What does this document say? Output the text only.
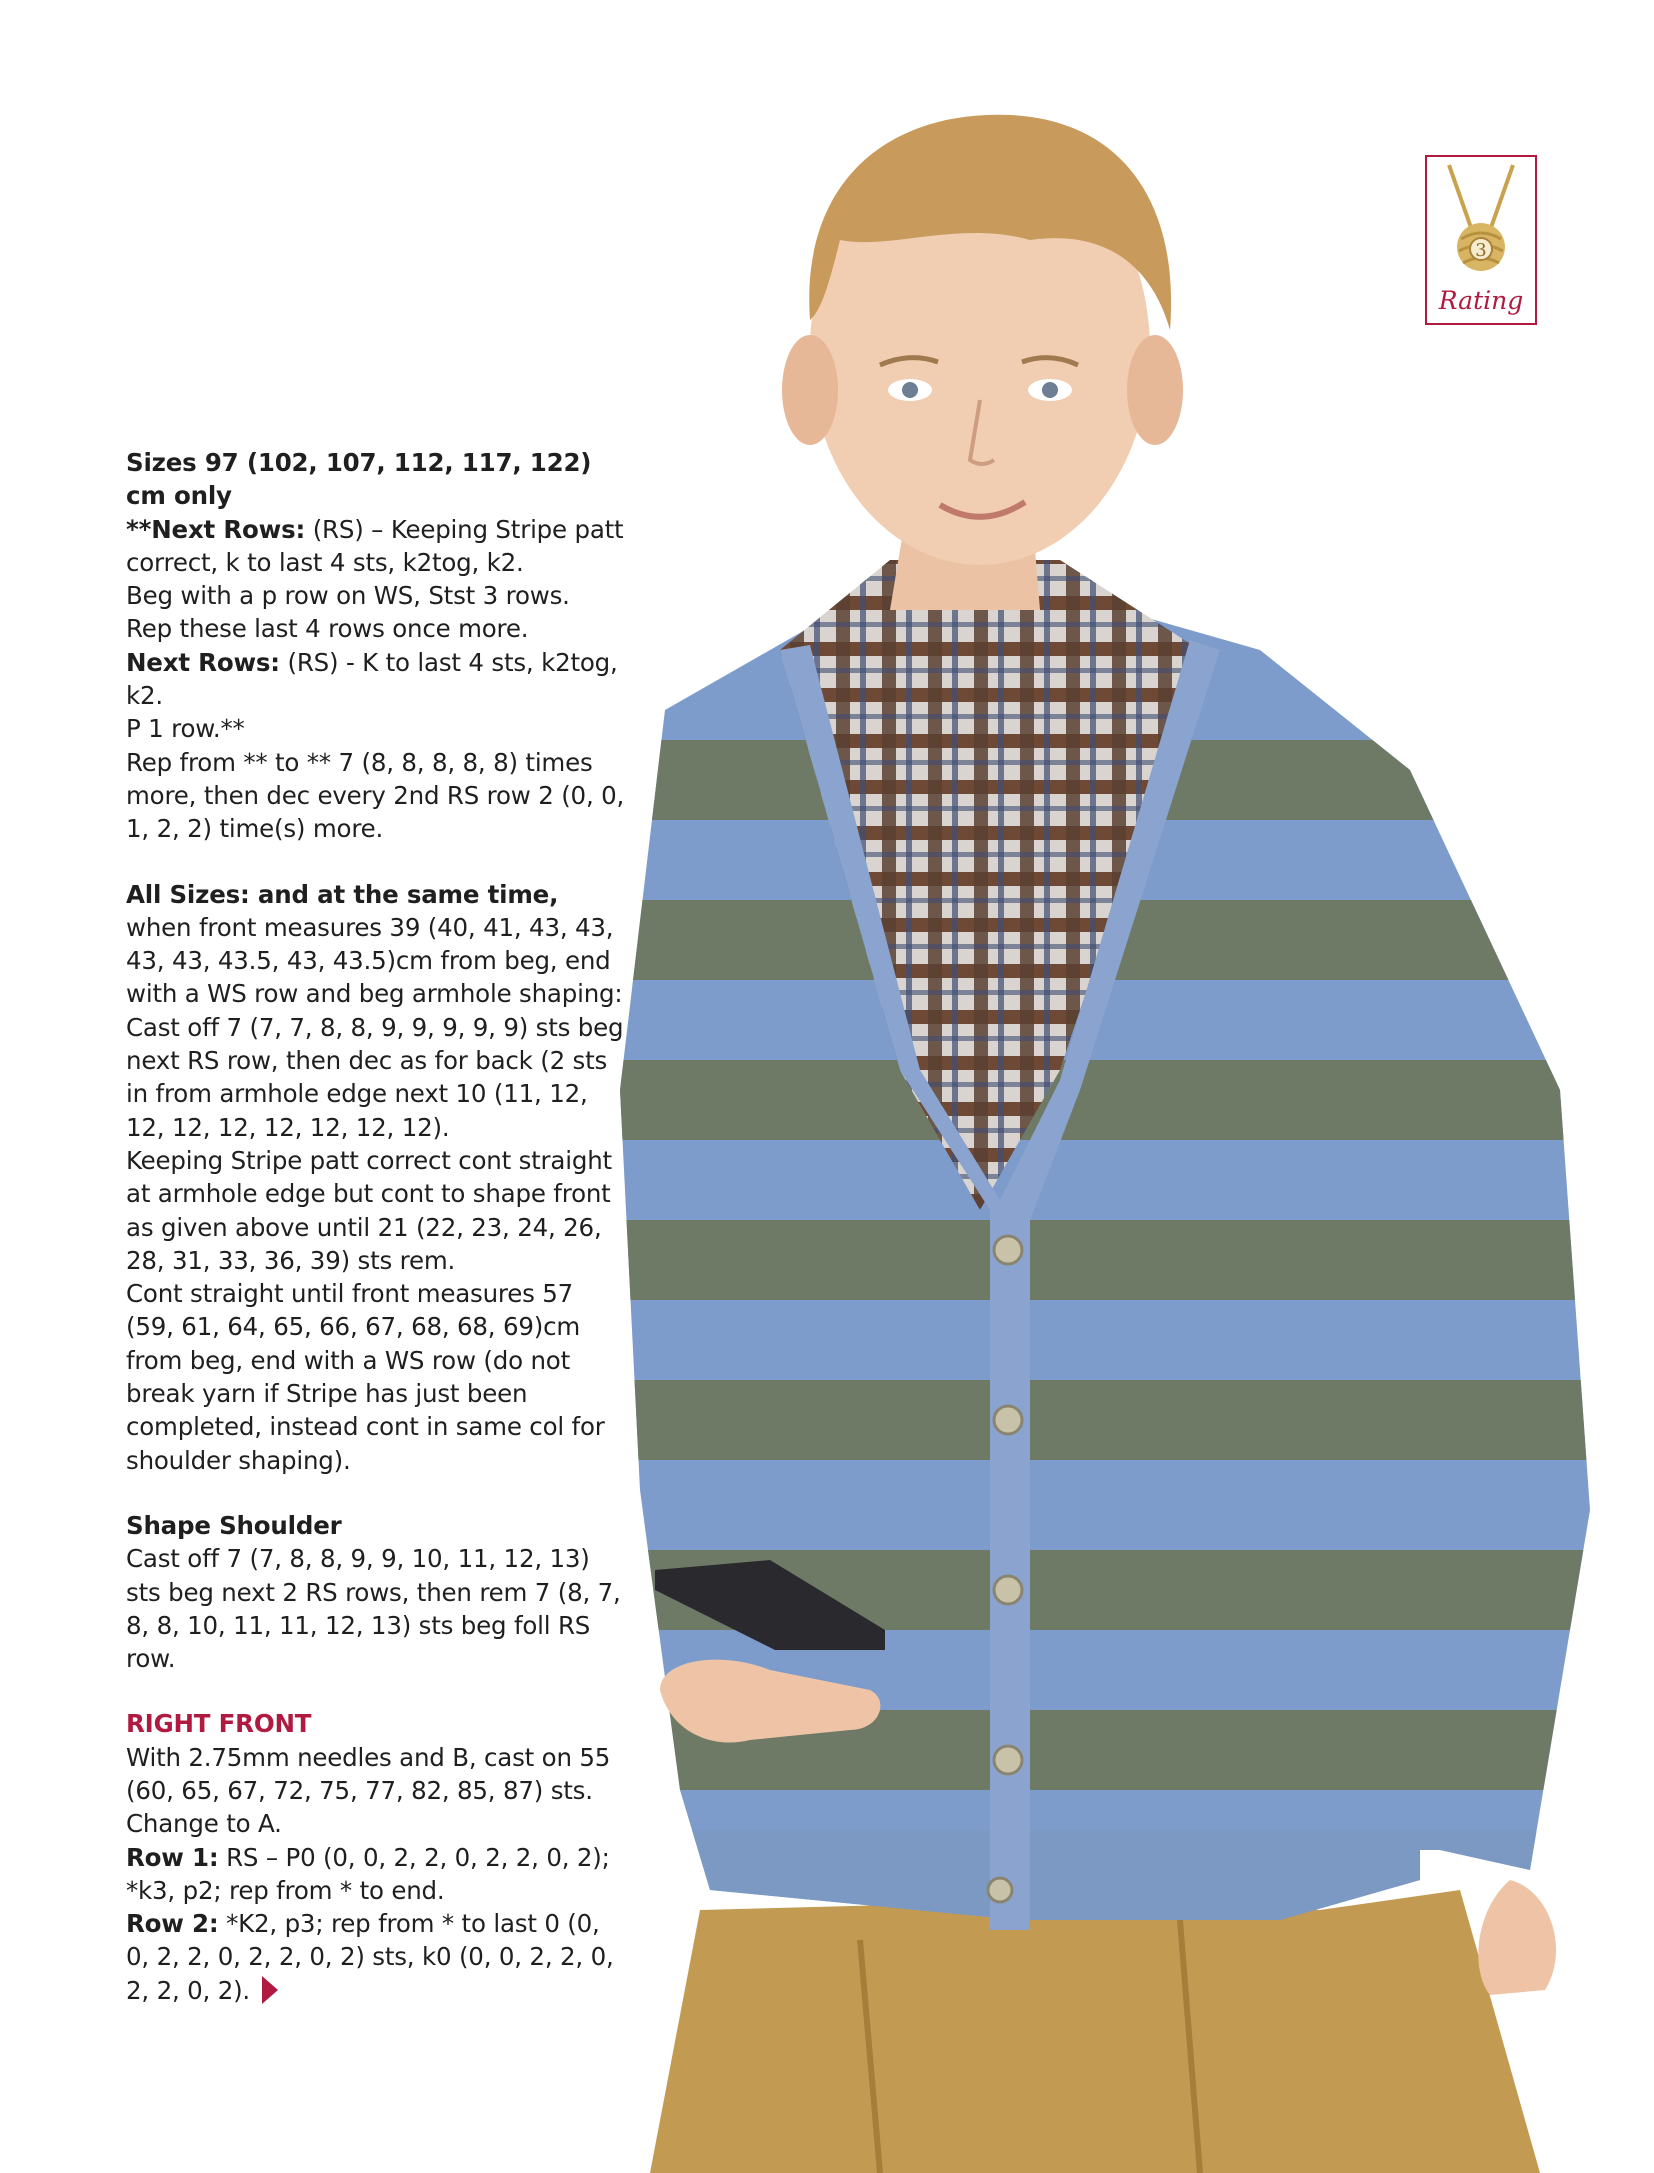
3
Rating

Sizes 97 (102, 107, 112, 117, 122) cm only

**Next Rows: (RS) – Keeping Stripe patt correct, k to last 4 sts, k2tog, k2.

Beg with a p row on WS, Stst 3 rows.

Rep these last 4 rows once more.

Next Rows: (RS) - K to last 4 sts, k2tog, k2.

P 1 row.**

Rep from ** to ** 7 (8, 8, 8, 8, 8) times more, then dec every 2nd RS row 2 (0, 0, 1, 2, 2) time(s) more.

All Sizes: and at the same time, when front measures 39 (40, 41, 43, 43, 43, 43, 43.5, 43, 43.5)cm from beg, end with a WS row and beg armhole shaping: Cast off 7 (7, 7, 8, 8, 9, 9, 9, 9, 9) sts beg next RS row, then dec as for back (2 sts in from armhole edge next 10 (11, 12, 12, 12, 12, 12, 12, 12, 12).

Keeping Stripe patt correct cont straight at armhole edge but cont to shape front as given above until 21 (22, 23, 24, 26, 28, 31, 33, 36, 39) sts rem.

Cont straight until front measures 57 (59, 61, 64, 65, 66, 67, 68, 68, 69)cm from beg, end with a WS row (do not break yarn if Stripe has just been completed, instead cont in same col for shoulder shaping).

Shape Shoulder

Cast off 7 (7, 8, 8, 9, 9, 10, 11, 12, 13) sts beg next 2 RS rows, then rem 7 (8, 7, 8, 8, 10, 11, 11, 12, 13) sts beg foll RS row.

RIGHT FRONT

With 2.75mm needles and B, cast on 55 (60, 65, 67, 72, 75, 77, 82, 85, 87) sts.

Change to A.

Row 1: RS – P0 (0, 0, 2, 2, 0, 2, 2, 0, 2); *k3, p2; rep from * to end.

Row 2: *K2, p3; rep from * to last 0 (0, 0, 2, 2, 0, 2, 2, 0, 2) sts, k0 (0, 0, 2, 2, 0, 2, 2, 0, 2).
